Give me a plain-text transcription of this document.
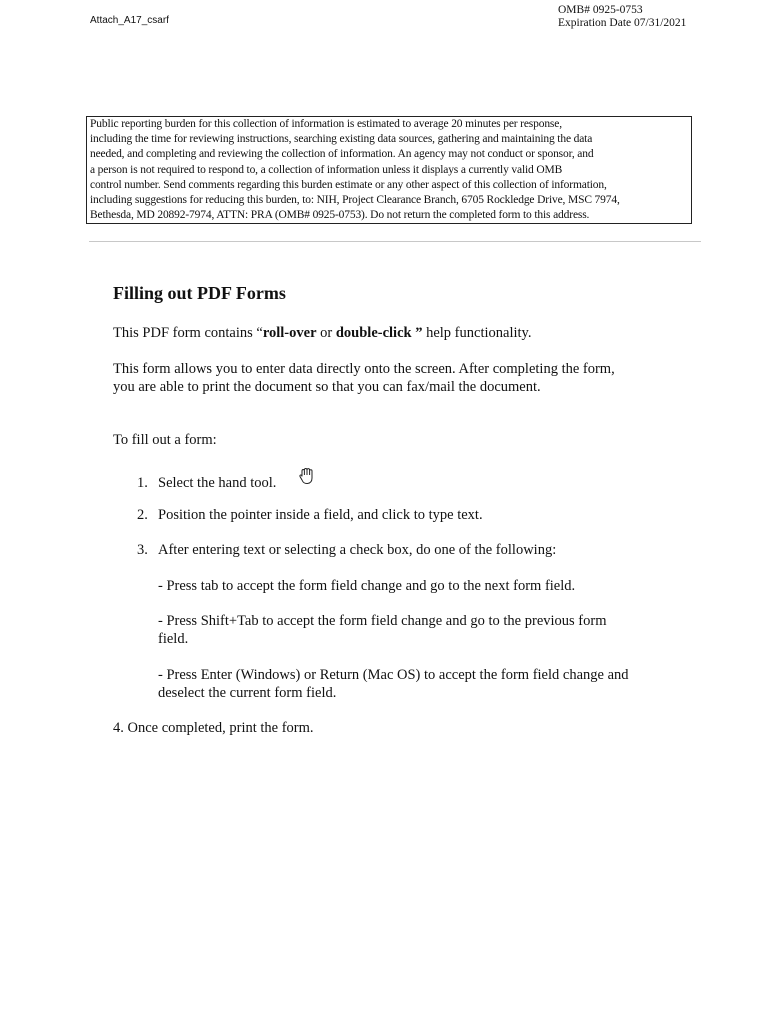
Attach_A17_csarf
OMB# 0925-0753
Expiration Date 07/31/2021
Public reporting burden for this collection of information is estimated to average 20 minutes per response,
including the time for reviewing instructions, searching existing data sources, gathering and maintaining the data
needed, and completing and reviewing the collection of information. An agency may not conduct or sponsor, and
a person is not required to respond to, a collection of information unless it displays a currently valid OMB
control number. Send comments regarding this burden estimate or any other aspect of this collection of information,
including suggestions for reducing this burden, to: NIH, Project Clearance Branch, 6705 Rockledge Drive, MSC 7974,
Bethesda, MD 20892-7974, ATTN: PRA (OMB# 0925-0753). Do not return the completed form to this address.
Filling out PDF Forms
This PDF form contains “roll-over or double-click ” help functionality.
This form allows you to enter data directly onto the screen. After completing the form,
you are able to print the document so that you can fax/mail the document.
To fill out a form:
1. Select the hand tool.
2. Position the pointer inside a field, and click to type text.
3. After entering text or selecting a check box, do one of the following:
- Press tab to accept the form field change and go to the next form field.
- Press Shift+Tab to accept the form field change and go to the previous form field.
- Press Enter (Windows) or Return (Mac OS) to accept the form field change and deselect the current form field.
4. Once completed, print the form.
